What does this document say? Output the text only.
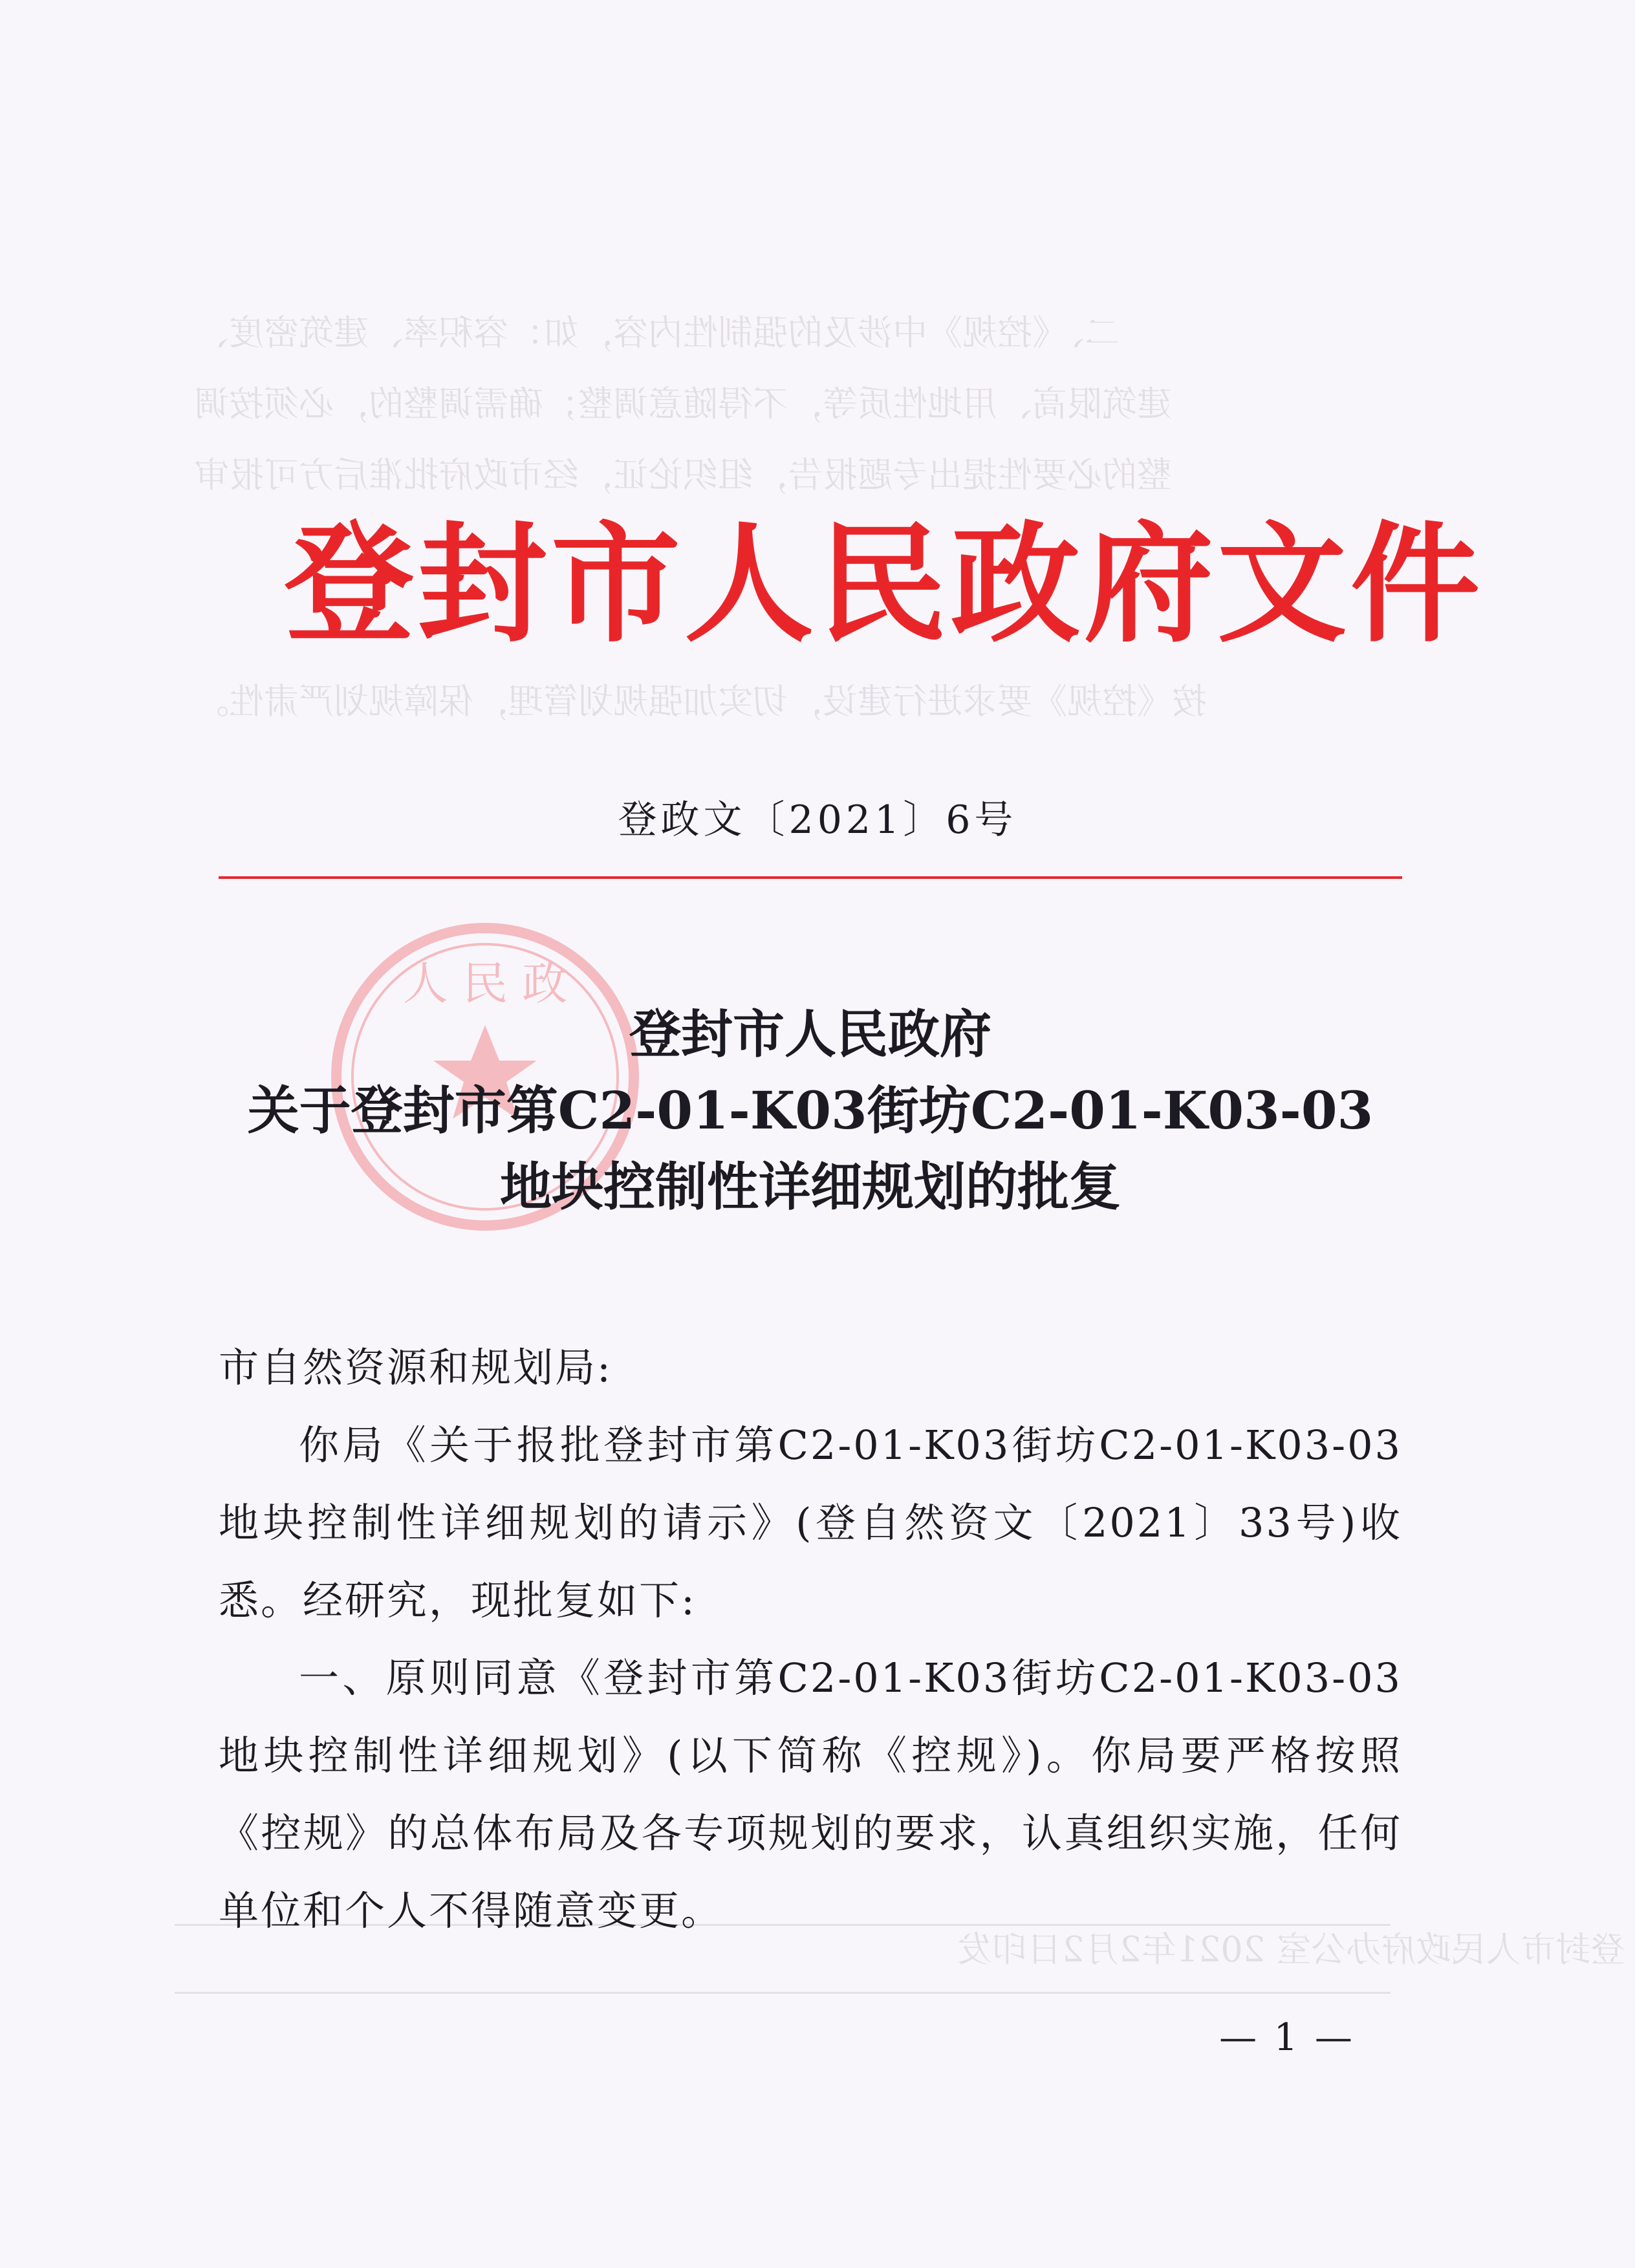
二、《控规》中涉及的强制性内容，如：容积率、建筑密度、
建筑限高、用地性质等，不得随意调整；确需调整的，必须按调
整的必要性提出专题报告，组织论证，经市政府批准后方可报审
按《控规》要求进行建设，切实加强规划管理，保障规划严肃性。
登封市人民政府办公室 2021年2月2日印发
登封市人民政府文件
登政文〔2021〕6号
人 民 政
登封市人民政府
关于登封市第C2-01-K03街坊C2-01-K03-03
地块控制性详细规划的批复

市自然资源和规划局:

你局《关于报批登封市第C2-01-K03街坊C2-01-K03-03地块控制性详细规划的请示》(登自然资文〔2021〕33号)收悉。经研究，现批复如下:

一、原则同意《登封市第C2-01-K03街坊C2-01-K03-03地块控制性详细规划》(以下简称《控规》)。你局要严格按照《控规》的总体布局及各专项规划的要求，认真组织实施，任何单位和个人不得随意变更。

— 1 —
